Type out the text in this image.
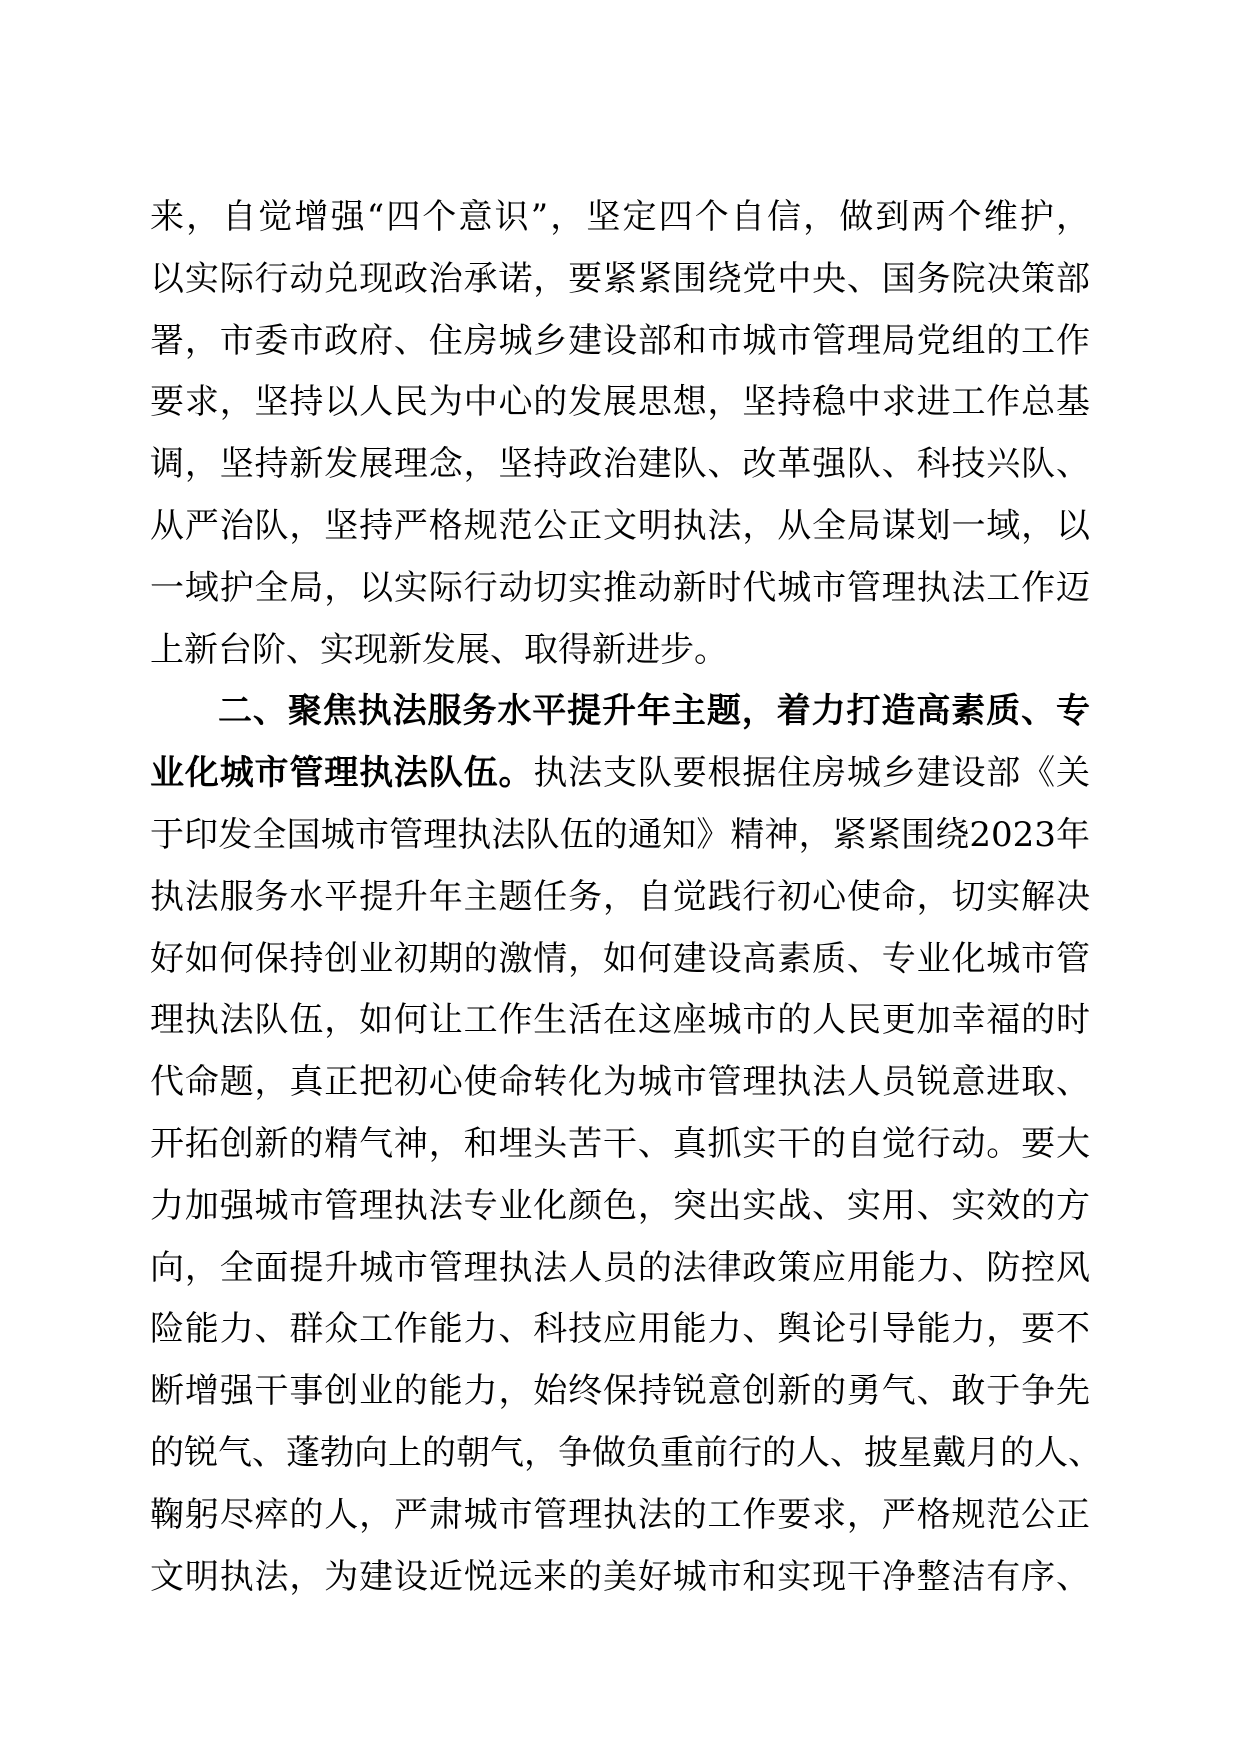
来，自觉增强“四个意识”，坚定四个自信，做到两个维护，
以实际行动兑现政治承诺，要紧紧围绕党中央、国务院决策部
署，市委市政府、住房城乡建设部和市城市管理局党组的工作
要求，坚持以人民为中心的发展思想，坚持稳中求进工作总基
调，坚持新发展理念，坚持政治建队、改革强队、科技兴队、
从严治队，坚持严格规范公正文明执法，从全局谋划一域，以
一域护全局，以实际行动切实推动新时代城市管理执法工作迈
上新台阶、实现新发展、取得新进步。
二、聚焦执法服务水平提升年主题，着力打造高素质、专
业化城市管理执法队伍。执法支队要根据住房城乡建设部《关
于印发全国城市管理执法队伍的通知》精神，紧紧围绕2023年
执法服务水平提升年主题任务，自觉践行初心使命，切实解决
好如何保持创业初期的激情，如何建设高素质、专业化城市管
理执法队伍，如何让工作生活在这座城市的人民更加幸福的时
代命题，真正把初心使命转化为城市管理执法人员锐意进取、
开拓创新的精气神，和埋头苦干、真抓实干的自觉行动。要大
力加强城市管理执法专业化颜色，突出实战、实用、实效的方
向，全面提升城市管理执法人员的法律政策应用能力、防控风
险能力、群众工作能力、科技应用能力、舆论引导能力，要不
断增强干事创业的能力，始终保持锐意创新的勇气、敢于争先
的锐气、蓬勃向上的朝气，争做负重前行的人、披星戴月的人、
鞠躬尽瘁的人，严肃城市管理执法的工作要求，严格规范公正
文明执法，为建设近悦远来的美好城市和实现干净整洁有序、
